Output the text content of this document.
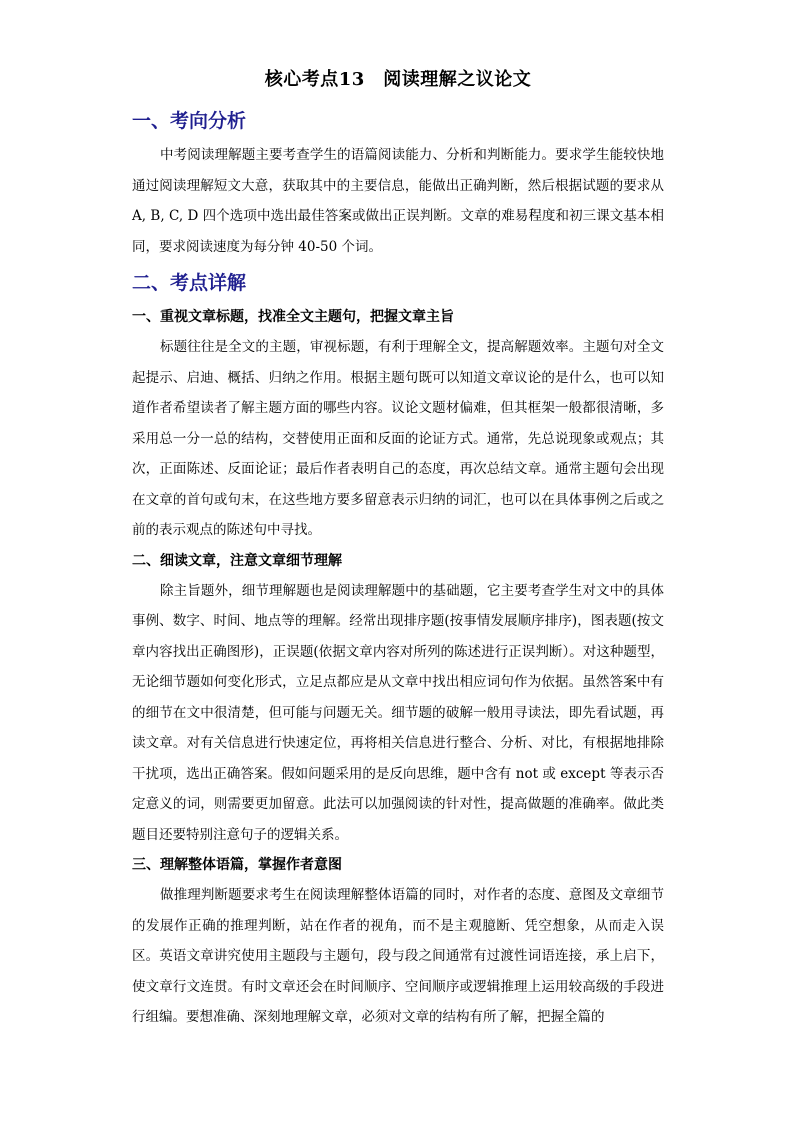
核心考点13　阅读理解之议论文
一、考向分析

中考阅读理解题主要考查学生的语篇阅读能力、分析和判断能力。要求学生能较快地通过阅读理解短文大意，获取其中的主要信息，能做出正确判断，然后根据试题的要求从 A, B, C, D 四个选项中选出最佳答案或做出正误判断。文章的难易程度和初三课文基本相同，要求阅读速度为每分钟 40-50 个词。

二、考点详解
一、重视文章标题，找准全文主题句，把握文章主旨

标题往往是全文的主题，审视标题，有利于理解全文，提高解题效率。主题句对全文起提示、启迪、概括、归纳之作用。根据主题句既可以知道文章议论的是什么，也可以知道作者希望读者了解主题方面的哪些内容。议论文题材偏难，但其框架一般都很清晰，多采用总一分一总的结构，交替使用正面和反面的论证方式。通常，先总说现象或观点；其次，正面陈述、反面论证；最后作者表明自己的态度，再次总结文章。通常主题句会出现在文章的首句或句末，在这些地方要多留意表示归纳的词汇，也可以在具体事例之后或之前的表示观点的陈述句中寻找。

二、细读文章，注意文章细节理解

除主旨题外，细节理解题也是阅读理解题中的基础题，它主要考查学生对文中的具体事例、数字、时间、地点等的理解。经常出现排序题(按事情发展顺序排序)，图表题(按文章内容找出正确图形)，正误题(依据文章内容对所列的陈述进行正误判断）。对这种题型，无论细节题如何变化形式，立足点都应是从文章中找出相应词句作为依据。虽然答案中有的细节在文中很清楚，但可能与问题无关。细节题的破解一般用寻读法，即先看试题，再读文章。对有关信息进行快速定位，再将相关信息进行整合、分析、对比，有根据地排除干扰项，选出正确答案。假如问题采用的是反向思维，题中含有 not 或 except 等表示否定意义的词，则需要更加留意。此法可以加强阅读的针对性，提高做题的准确率。做此类题目还要特别注意句子的逻辑关系。

三、理解整体语篇，掌握作者意图

做推理判断题要求考生在阅读理解整体语篇的同时，对作者的态度、意图及文章细节的发展作正确的推理判断，站在作者的视角，而不是主观臆断、凭空想象，从而走入误区。英语文章讲究使用主题段与主题句，段与段之间通常有过渡性词语连接，承上启下，使文章行文连贯。有时文章还会在时间顺序、空间顺序或逻辑推理上运用较高级的手段进行组编。要想准确、深刻地理解文章，必须对文章的结构有所了解，把握全篇的
